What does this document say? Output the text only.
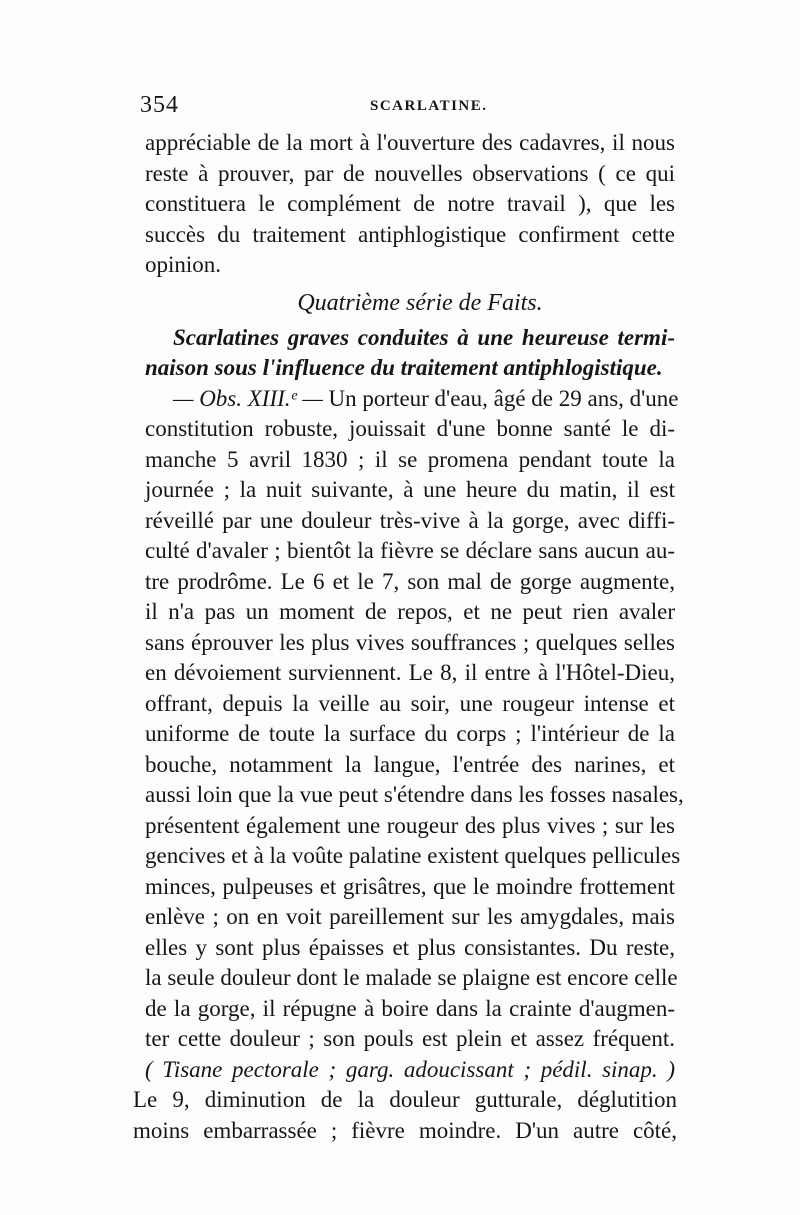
354	SCARLATINE.
appréciable de la mort à l'ouverture des cadavres, il nous
reste à prouver, par de nouvelles observations ( ce qui
constituera le complément de notre travail ), que les
succès du traitement antiphlogistique confirment cette
opinion.
Quatrième série de Faits.
Scarlatines graves conduites à une heureuse termi-
naison sous l'influence du traitement antiphlogistique.
— Obs. XIII.ᵉ — Un porteur d'eau, âgé de 29 ans, d'une
constitution robuste, jouissait d'une bonne santé le di-
manche 5 avril 1830 ; il se promena pendant toute la
journée ; la nuit suivante, à une heure du matin, il est
réveillé par une douleur très-vive à la gorge, avec diffi-
culté d'avaler ; bientôt la fièvre se déclare sans aucun au-
tre prodrôme. Le 6 et le 7, son mal de gorge augmente,
il n'a pas un moment de repos, et ne peut rien avaler
sans éprouver les plus vives souffrances ; quelques selles
en dévoiement surviennent. Le 8, il entre à l'Hôtel-Dieu,
offrant, depuis la veille au soir, une rougeur intense et
uniforme de toute la surface du corps ; l'intérieur de la
bouche, notamment la langue, l'entrée des narines, et
aussi loin que la vue peut s'étendre dans les fosses nasales,
présentent également une rougeur des plus vives ; sur les
gencives et à la voûte palatine existent quelques pellicules
minces, pulpeuses et grisâtres, que le moindre frottement
enlève ; on en voit pareillement sur les amygdales, mais
elles y sont plus épaisses et plus consistantes. Du reste,
la seule douleur dont le malade se plaigne est encore celle
de la gorge, il répugne à boire dans la crainte d'augmen-
ter cette douleur ; son pouls est plein et assez fréquent.
( Tisane pectorale ; garg. adoucissant ; pédil. sinap. )
Le 9, diminution de la douleur gutturale, déglutition
moins embarrassée ; fièvre moindre. D'un autre côté,
